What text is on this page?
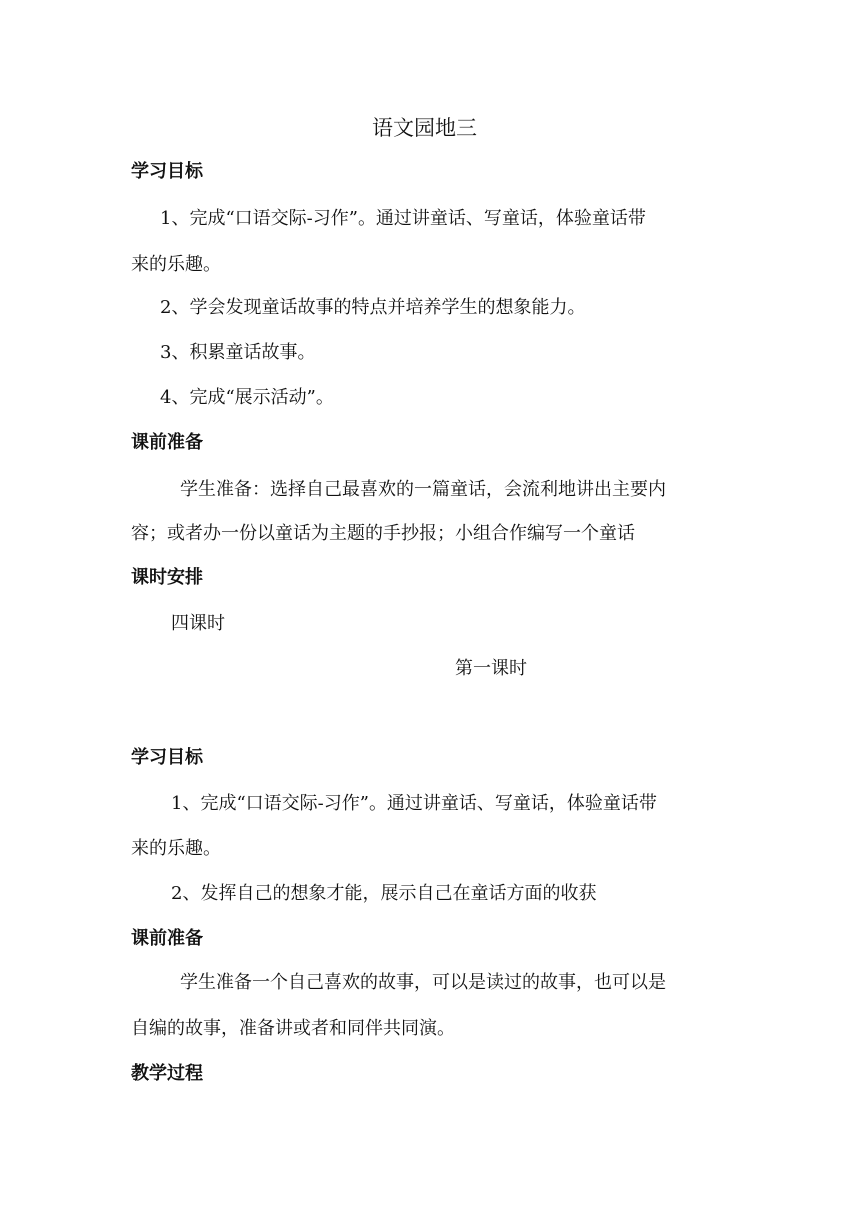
语文园地三
学习目标
1、完成“口语交际-习作”。通过讲童话、写童话，体验童话带
来的乐趣。
2、学会发现童话故事的特点并培养学生的想象能力。
3、积累童话故事。
4、完成“展示活动”。
课前准备
学生准备：选择自己最喜欢的一篇童话，会流利地讲出主要内
容；或者办一份以童话为主题的手抄报；小组合作编写一个童话
课时安排
四课时
第一课时
学习目标
1、完成“口语交际-习作”。通过讲童话、写童话，体验童话带
来的乐趣。
2、发挥自己的想象才能，展示自己在童话方面的收获
课前准备
学生准备一个自己喜欢的故事，可以是读过的故事，也可以是
自编的故事，准备讲或者和同伴共同演。
教学过程
